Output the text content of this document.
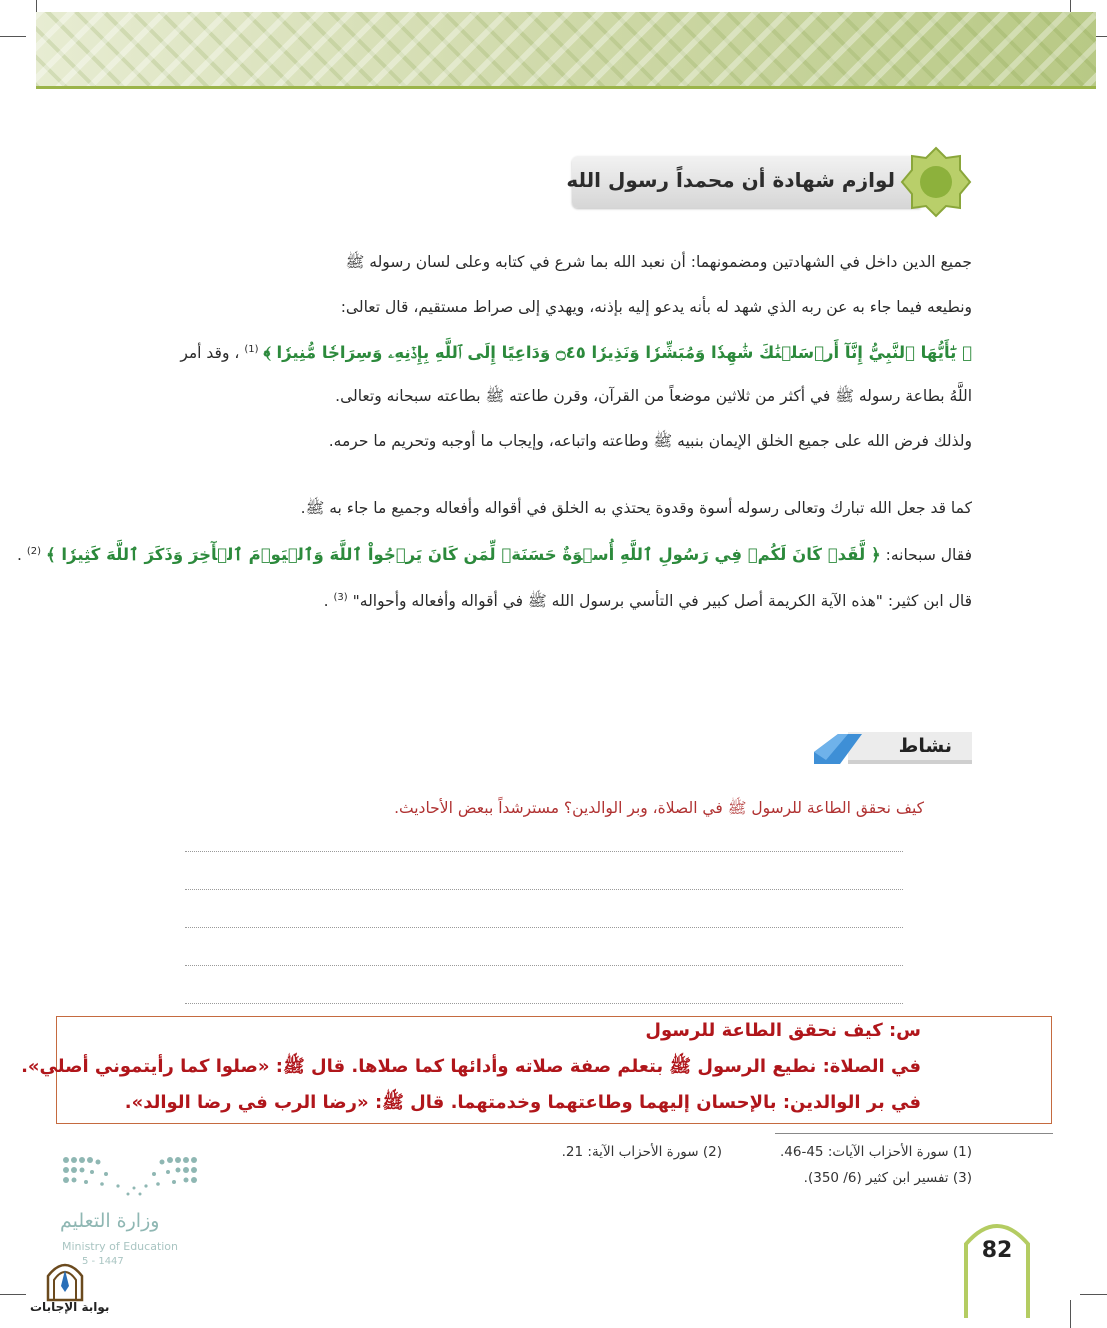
لوازم شهادة أن محمداً رسول الله
جميع الدين داخل في الشهادتين ومضمونهما: أن نعبد الله بما شرع في كتابه وعلى لسان رسوله ﷺ
ونطيعه فيما جاء به عن ربه الذي شهد له بأنه يدعو إليه بإذنه، ويهدي إلى صراط مستقيم، قال تعالى:
﴿ يَٰٓأَيُّهَا ٱلنَّبِيُّ إِنَّآ أَرۡسَلۡنَٰكَ شَٰهِدٗا وَمُبَشِّرٗا وَنَذِيرٗا ۝٤٥ وَدَاعِيًا إِلَى ٱللَّهِ بِإِذۡنِهِۦ وَسِرَاجٗا مُّنِيرٗا ﴾ $^{(1)}$ ، وقد أمر
اللَّهُ بطاعة رسوله ﷺ في أكثر من ثلاثين موضعاً من القرآن، وقرن طاعته ﷺ بطاعته سبحانه وتعالى.
ولذلك فرض الله على جميع الخلق الإيمان بنبيه ﷺ وطاعته واتباعه، وإيجاب ما أوجبه وتحريم ما حرمه.
كما قد جعل الله تبارك وتعالى رسوله أسوة وقدوة يحتذي به الخلق في أقواله وأفعاله وجميع ما جاء به ﷺ.
فقال سبحانه: ﴿ لَّقَدۡ كَانَ لَكُمۡ فِي رَسُولِ ٱللَّهِ أُسۡوَةٌ حَسَنَةٞ لِّمَن كَانَ يَرۡجُواْ ٱللَّهَ وَٱلۡيَوۡمَ ٱلۡأٓخِرَ وَذَكَرَ ٱللَّهَ كَثِيرٗا ﴾ $^{(2)}$ .
قال ابن كثير: "هذه الآية الكريمة أصل كبير في التأسي برسول الله ﷺ في أقواله وأفعاله وأحواله" $^{(3)}$ .
نشاط
كيف نحقق الطاعة للرسول ﷺ في الصلاة، وبر الوالدين؟ مسترشداً ببعض الأحاديث.
س: كيف نحقق الطاعة للرسول
في الصلاة: نطيع الرسول ﷺ بتعلم صفة صلاته وأدائها كما صلاها. قال ﷺ: «صلوا كما رأيتموني أصلي».
في بر الوالدين: بالإحسان إليهما وطاعتهما وخدمتهما. قال ﷺ: «رضا الرب في رضا الوالد».
(1) سورة الأحزاب الآيات: 45-46.
(2) سورة الأحزاب الآية: 21.
(3) تفسير ابن كثير (6/ 350).
82
وزارة التعليم
Ministry of Education
5 - 1447
بوابة الإجابات
